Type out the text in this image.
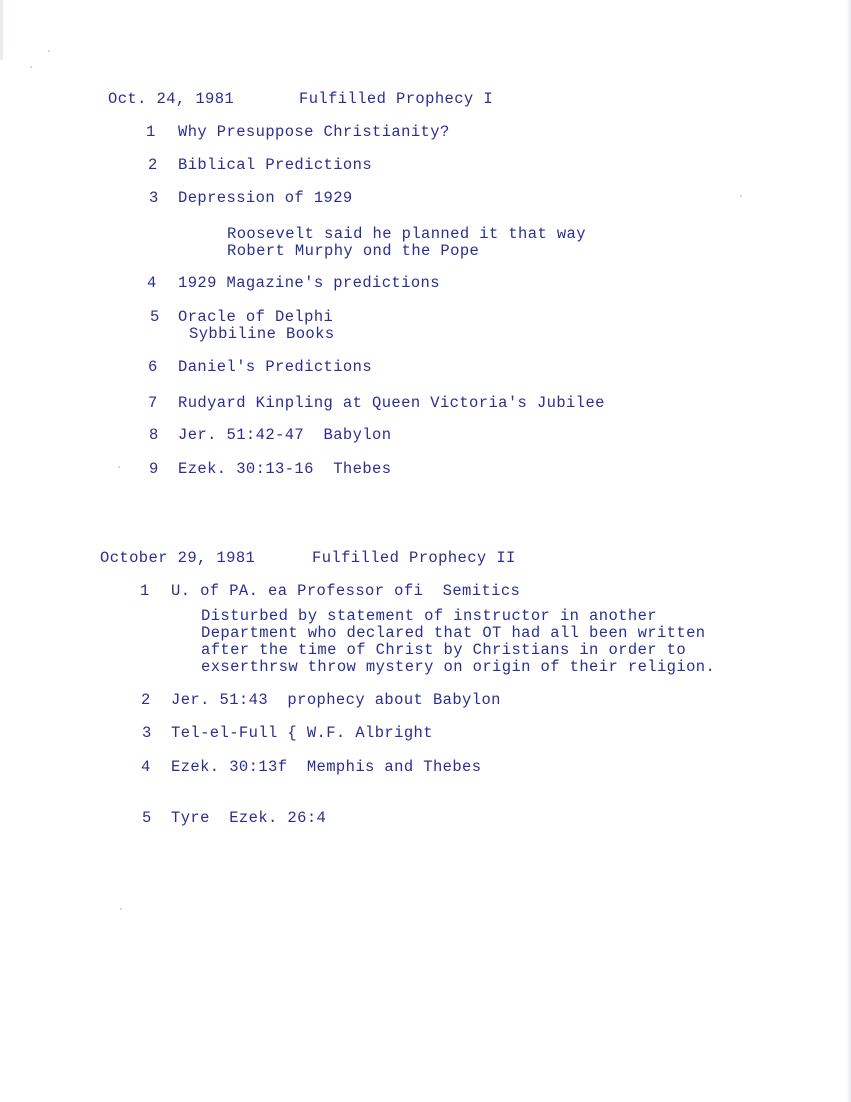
Oct. 24, 1981	Fulfilled Prophecy I
1 Why Presuppose Christianity?
2 Biblical Predictions
3 Depression of 1929
Roosevelt said he planned it that way
Robert Murphy ond the Pope
4 1929 Magazine's predictions
5 Oracle of Delphi
Sybbiline Books
6 Daniel's Predictions
7 Rudyard Kinpling at Queen Victoria's Jubilee
8 Jer. 51:42-47  Babylon
9 Ezek. 30:13-16  Thebes
October 29, 1981	Fulfilled Prophecy II
1 U. of PA. ea Professor ofi  Semitics
Disturbed by statement of instructor in another
Department who declared that OT had all been written
after the time of Christ by Christians in order to
exserthrsw throw mystery on origin of their religion.
2 Jer. 51:43  prophecy about Babylon
3 Tel-el-Full { W.F. Albright
4 Ezek. 30:13f  Memphis and Thebes
5 Tyre  Ezek. 26:4
